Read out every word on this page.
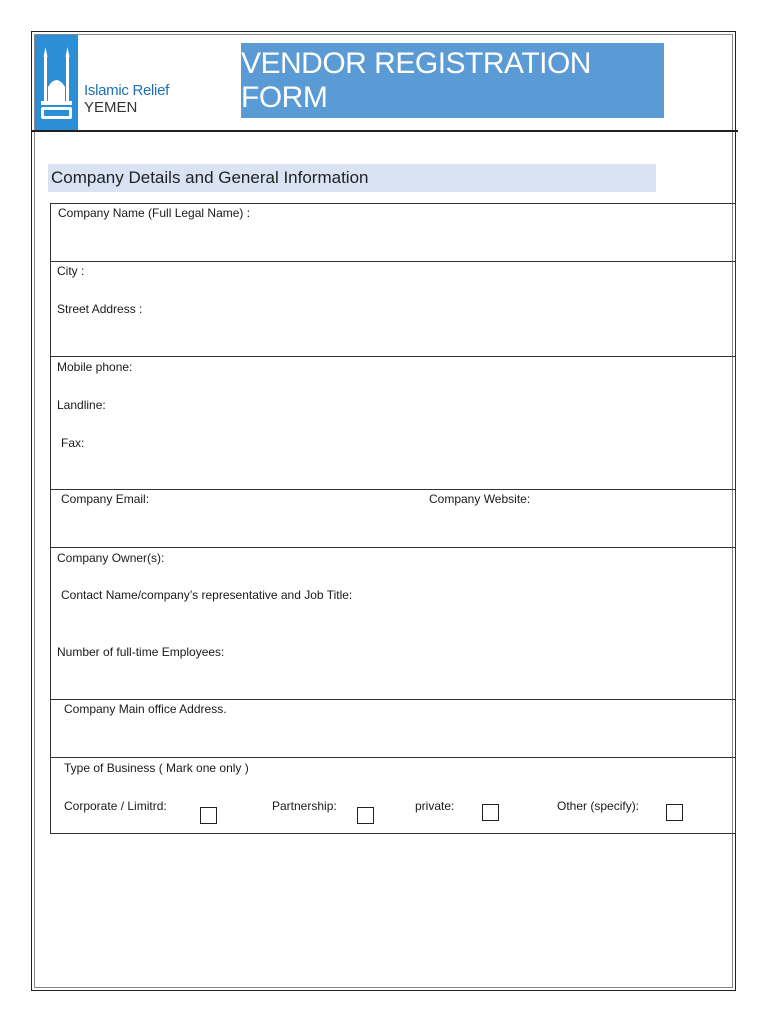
Islamic Relief
YEMEN
VENDOR REGISTRATION FORM
Company Details and General Information
Company Name (Full Legal Name) :
City :
Street Address :
Mobile phone:
Landline:
Fax:
Company Email:	Company Website:
Company Owner(s):
Contact Name/company’s representative and Job Title:
Number of full-time Employees:
Company Main office Address.
Type of Business ( Mark one only )
Corporate / Limitrd:	Partnership:	private:	Other (specify):
